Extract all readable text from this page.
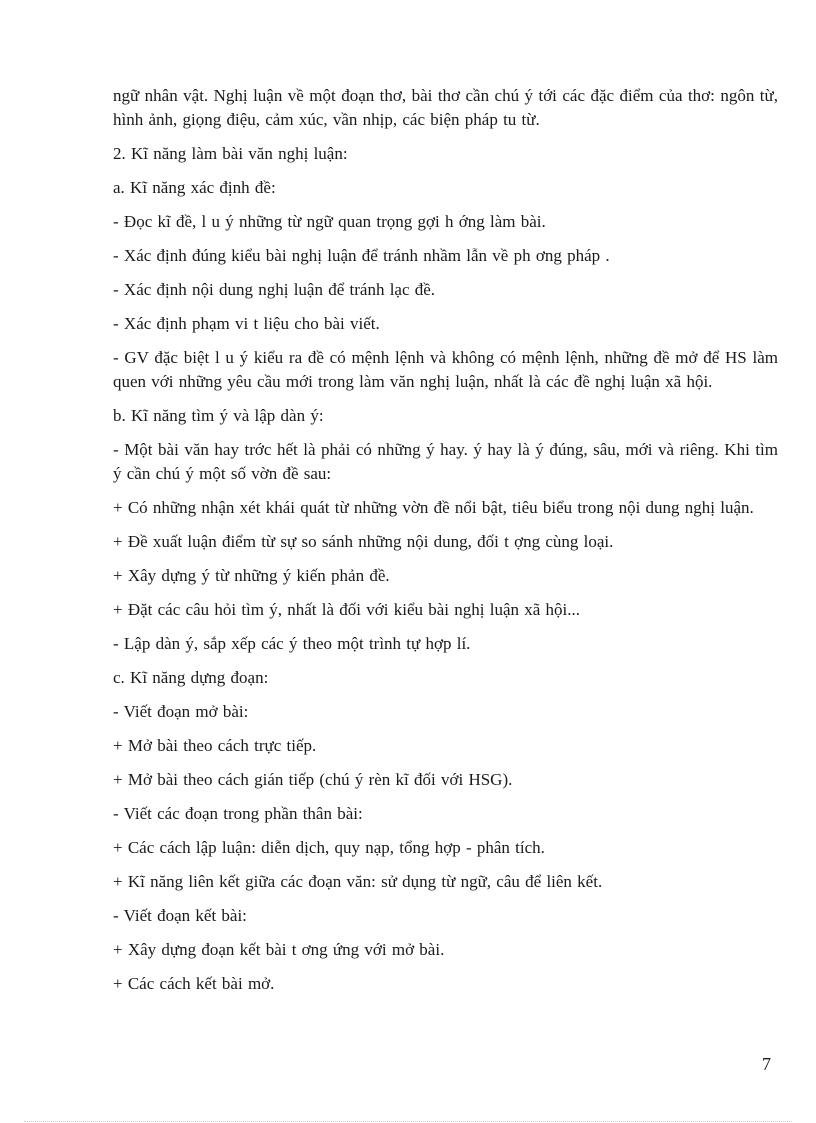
ngữ nhân vật. Nghị luận về một đoạn thơ, bài thơ cần chú ý tới các đặc điểm của thơ: ngôn từ, hình ảnh, giọng điệu, cảm xúc, vần nhịp, các biện pháp tu từ.

2. Kĩ năng làm bài văn nghị luận:

a. Kĩ năng xác định đề:

- Đọc kĩ đề, l u ý những từ ngữ quan trọng gợi h ớng làm bài.

- Xác định đúng kiểu bài nghị luận để tránh nhầm lẫn về ph ơng pháp .

- Xác định nội dung nghị luận để tránh lạc đề.

- Xác định phạm vi t liệu cho bài viết.

- GV đặc biệt l u ý kiểu ra đề có mệnh lệnh và không có mệnh lệnh, những đề mở để HS làm quen với những yêu cầu mới trong làm văn nghị luận, nhất là các đề nghị luận xã hội.

b. Kĩ năng tìm ý và lập dàn ý:

- Một bài văn hay trớc hết là phải có những ý hay. ý hay là ý đúng, sâu, mới và riêng. Khi tìm ý cần chú ý một số vờn đề sau:

+ Có những nhận xét khái quát từ những vờn đề nổi bật, tiêu biểu trong nội dung nghị luận.

+ Đề xuất luận điểm từ sự so sánh những nội dung, đối t ợng cùng loại.

+ Xây dựng ý từ những ý kiến phản đề.

+ Đặt các câu hỏi tìm ý, nhất là đối với kiểu bài nghị luận xã hội...

- Lập dàn ý, sắp xếp các ý theo một trình tự hợp lí.

c. Kĩ năng dựng đoạn:

- Viết đoạn mở bài:

+ Mở bài theo cách trực tiếp.

+ Mở bài theo cách gián tiếp (chú ý rèn kĩ đối với HSG).

- Viết các đoạn trong phần thân bài:

+ Các cách lập luận: diễn dịch, quy nạp, tổng hợp - phân tích.

+ Kĩ năng liên kết giữa các đoạn văn: sử dụng từ ngữ, câu để liên kết.

- Viết đoạn kết bài:

+ Xây dựng đoạn kết bài t ơng ứng với mở bài.

+ Các cách kết bài mở.

7
